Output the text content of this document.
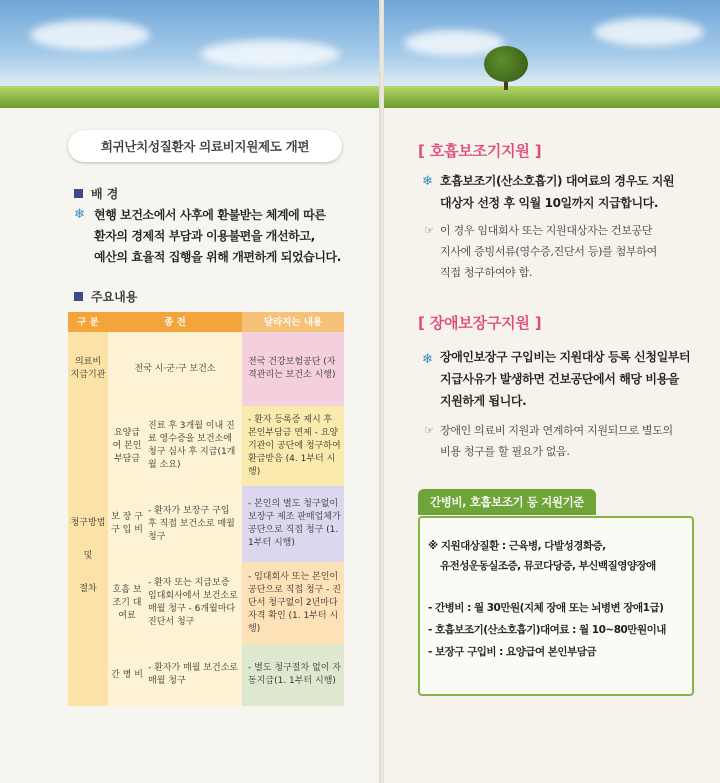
희귀난치성질환자 의료비지원제도 개편
배 경
❄ 현행 보건소에서 사후에 환불받는 체계에 따른
환자의 경제적 부담과 이용불편을 개선하고,
예산의 효율적 집행을 위해 개편하게 되었습니다.
주요내용
구 분	종 전	달라지는 내용
의료비 지급기관
전국 시·군·구 보건소
전국 건강보험공단 (자격관리는 보건소 시행)
청구방법
및
절차
요양급여 본인부담금
진료 후 3개월 이내 진료 영수증을 보건소에 청구 심사 후 지급(1개월 소요)
- 환자 등록증 제시 후 본인부담금 면제 - 요양기관이 공단에 청구하여 환급받음 (4. 1부터 시행)
보 장 구 구 입 비
- 환자가 보장구 구입 후 직접 보건소로 매월 청구
- 본인의 별도 청구없이 보장구 제조 판매업체가 공단으로 직접 청구 (1. 1부터 시행)
호흡 보조기 대여료
- 환자 또는 지급보증 임대회사에서 보건소로 매월 청구 - 6개월마다 진단서 청구
- 임대회사 또는 본인이 공단으로 직접 청구 - 진단서 청구없이 2년마다 자격 확인 (1. 1부터 시행)
간 병 비
- 환자가 매월 보건소로 매월 청구
- 별도 청구절차 없이 자동지급(1. 1부터 시행)
[ 호흡보조기지원 ]
❄ 호흡보조기(산소호흡기) 대여료의 경우도 지원
대상자 선정 후 익월 10일까지 지급합니다.
☞ 이 경우 임대회사 또는 지원대상자는 건보공단
지사에 증빙서류(영수증,진단서 등)를 첨부하여
직접 청구하여야 함.
[ 장애보장구지원 ]
❄ 장애인보장구 구입비는 지원대상 등록 신청일부터
지급사유가 발생하면 건보공단에서 해당 비용을
지원하게 됩니다.
☞ 장애인 의료비 지원과 연계하여 지원되므로 별도의
비용 청구를 할 필요가 없음.
간병비, 호흡보조기 등 지원기준
※ 지원대상질환 : 근육병, 다발성경화증,
유전성운동실조증, 뮤코다당증, 부신백질영양장애
- 간병비 : 월 30만원(지체 장애 또는 뇌병변 장애1급)
- 호흡보조기(산소호흡기)대여료 : 월 10~80만원이내
- 보장구 구입비 : 요양급여 본인부담금
